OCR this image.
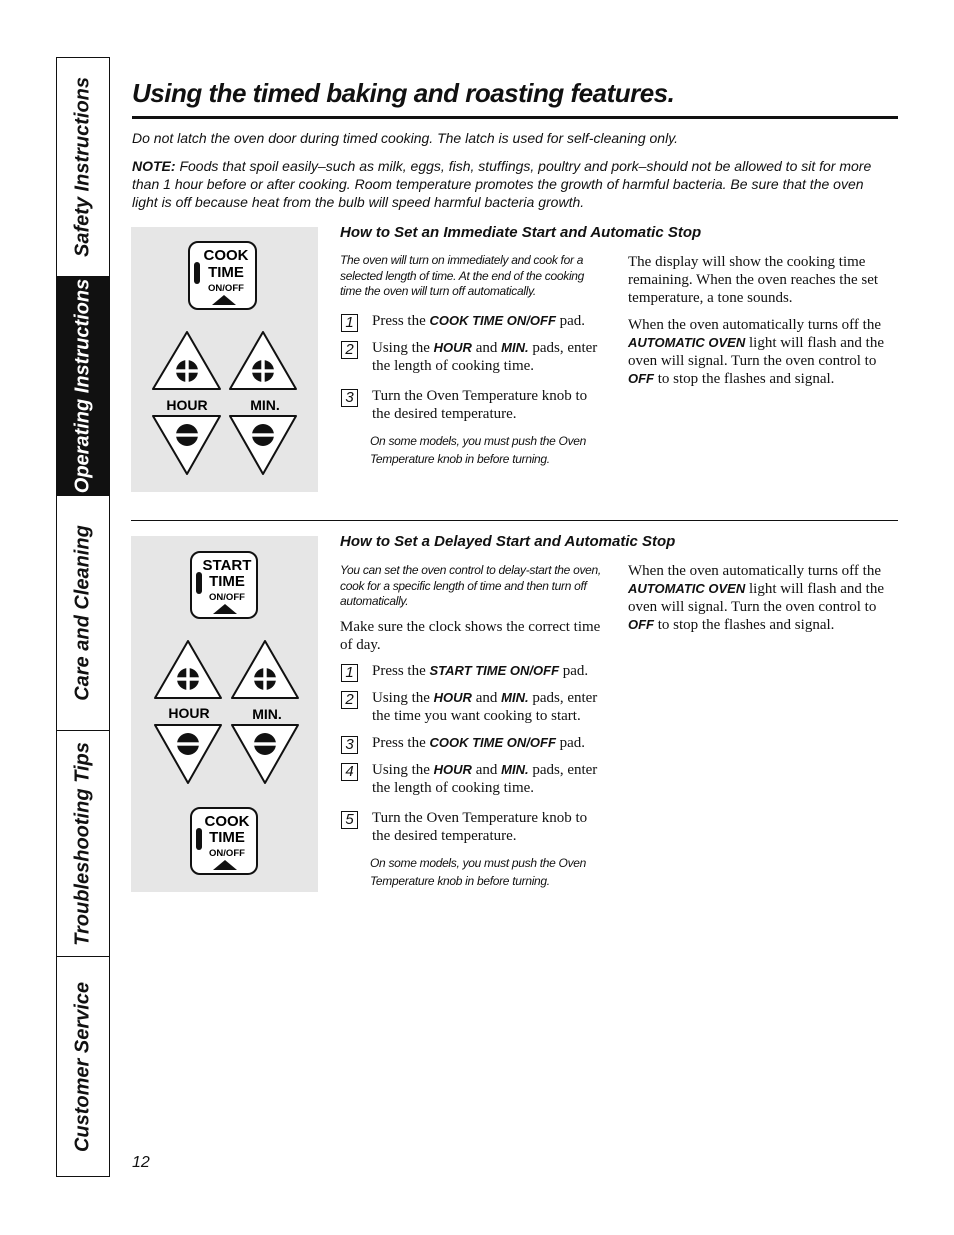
Safety Instructions
Operating Instructions
Care and Cleaning
Troubleshooting Tips
Customer Service
Using the timed baking and roasting features.

Do not latch the oven door during timed cooking. The latch is used for self-cleaning only.

NOTE: Foods that spoil easily–such as milk, eggs, fish, stuffings, poultry and pork–should not be allowed to sit for more than 1 hour before or after cooking. Room temperature promotes the growth of harmful bacteria. Be sure that the oven light is off because heat from the bulb will speed harmful bacteria growth.

COOK
TIME
ON/OFF
HOUR	MIN.
How to Set an Immediate Start and Automatic Stop

The oven will turn on immediately and cook for a selected length of time. At the end of the cooking time the oven will turn off automatically.

1 Press the COOK TIME ON/OFF pad.
2 Using the HOUR and MIN. pads, enter the length of cooking time.
3 Turn the Oven Temperature knob to the desired temperature.

On some models, you must push the Oven Temperature knob in before turning.

The display will show the cooking time remaining. When the oven reaches the set temperature, a tone sounds.

When the oven automatically turns off the AUTOMATIC OVEN light will flash and the oven will signal. Turn the oven control to OFF to stop the flashes and signal.

START
TIME
ON/OFF
HOUR	MIN.
COOK
TIME
ON/OFF
How to Set a Delayed Start and Automatic Stop

You can set the oven control to delay-start the oven, cook for a specific length of time and then turn off automatically.

Make sure the clock shows the correct time of day.

1 Press the START TIME ON/OFF pad.
2 Using the HOUR and MIN. pads, enter the time you want cooking to start.
3 Press the COOK TIME ON/OFF pad.
4 Using the HOUR and MIN. pads, enter the length of cooking time.
5 Turn the Oven Temperature knob to the desired temperature.

On some models, you must push the Oven Temperature knob in before turning.

When the oven automatically turns off the AUTOMATIC OVEN light will flash and the oven will signal. Turn the oven control to OFF to stop the flashes and signal.

12
